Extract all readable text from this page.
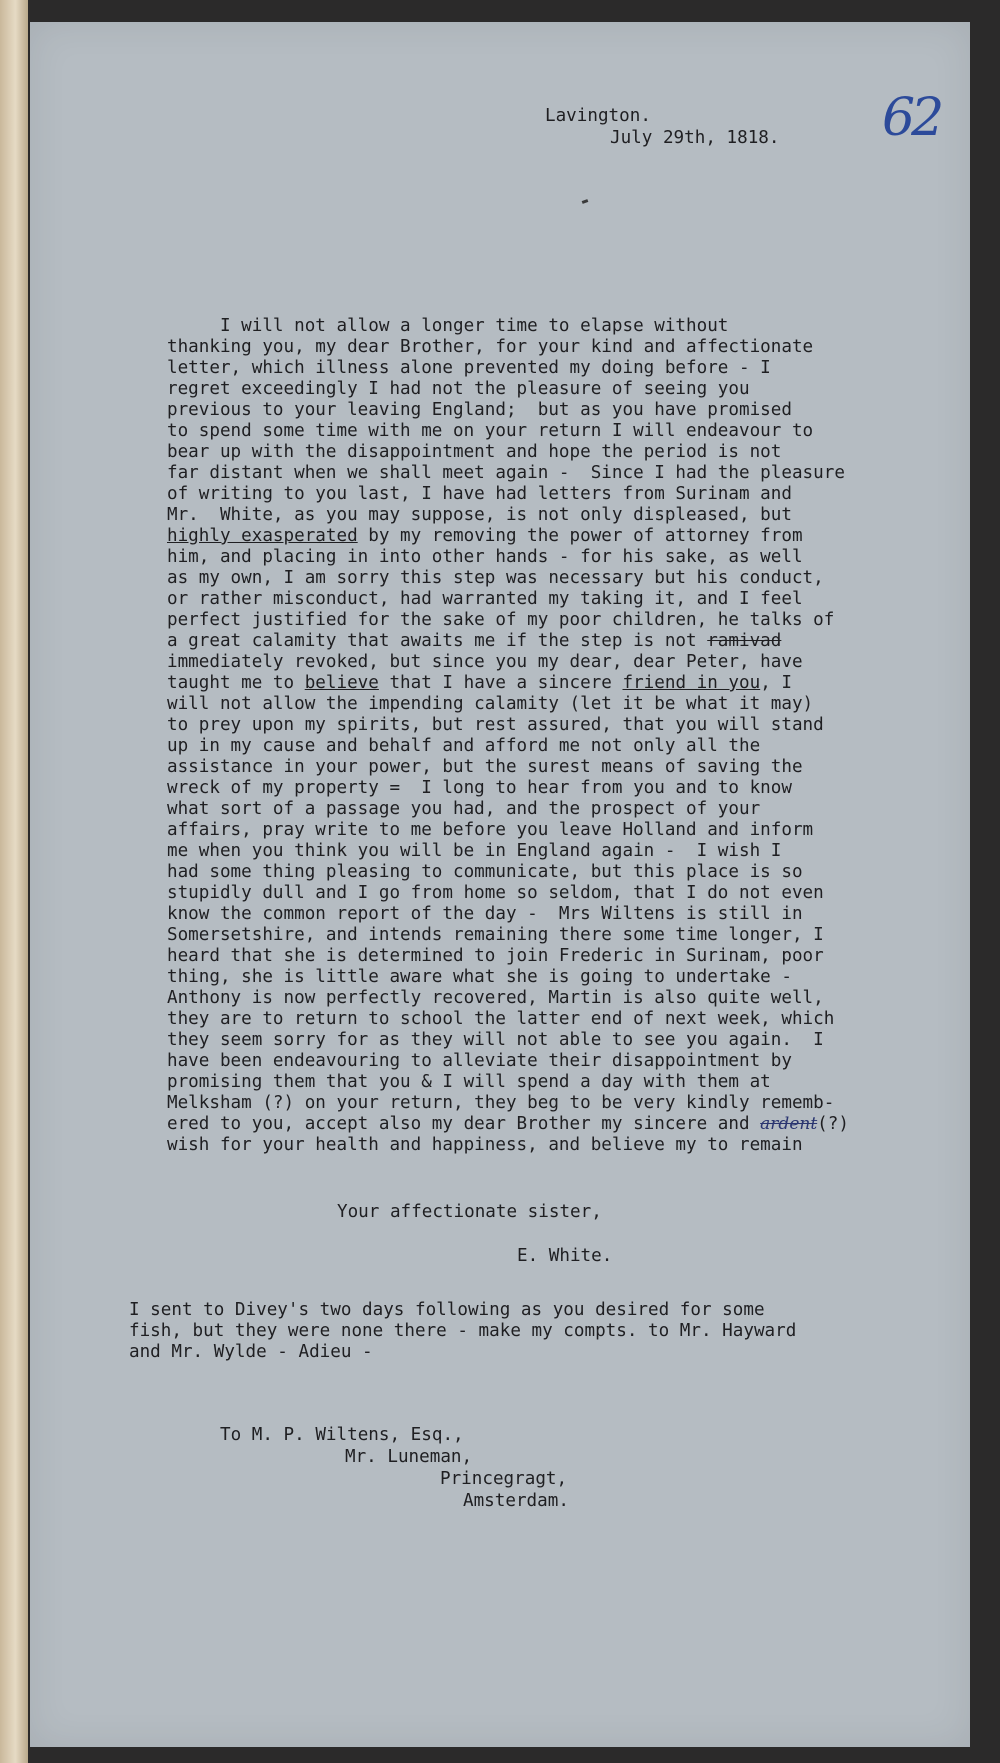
62
Lavington.
July 29th, 1818.

I will not allow a longer time to elapse without
thanking you, my dear Brother, for your kind and affectionate
letter, which illness alone prevented my doing before - I
regret exceedingly I had not the pleasure of seeing you
previous to your leaving England;  but as you have promised
to spend some time with me on your return I will endeavour to
bear up with the disappointment and hope the period is not
far distant when we shall meet again -  Since I had the pleasure
of writing to you last, I have had letters from Surinam and
Mr.  White, as you may suppose, is not only displeased, but
highly exasperated by my removing the power of attorney from
him, and placing in into other hands - for his sake, as well
as my own, I am sorry this step was necessary but his conduct,
or rather misconduct, had warranted my taking it, and I feel
perfect justified for the sake of my poor children, he talks of
a great calamity that awaits me if the step is not ramivad
immediately revoked, but since you my dear, dear Peter, have
taught me to believe that I have a sincere friend in you, I
will not allow the impending calamity (let it be what it may)
to prey upon my spirits, but rest assured, that you will stand
up in my cause and behalf and afford me not only all the
assistance in your power, but the surest means of saving the
wreck of my property =  I long to hear from you and to know
what sort of a passage you had, and the prospect of your
affairs, pray write to me before you leave Holland and inform
me when you think you will be in England again -  I wish I
had some thing pleasing to communicate, but this place is so
stupidly dull and I go from home so seldom, that I do not even
know the common report of the day -  Mrs Wiltens is still in
Somersetshire, and intends remaining there some time longer, I
heard that she is determined to join Frederic in Surinam, poor
thing, she is little aware what she is going to undertake -
Anthony is now perfectly recovered, Martin is also quite well,
they are to return to school the latter end of next week, which
they seem sorry for as they will not able to see you again.  I
have been endeavouring to alleviate their disappointment by
promising them that you & I will spend a day with them at
Melksham (?) on your return, they beg to be very kindly rememb-
ered to you, accept also my dear Brother my sincere and ardent(?)
wish for your health and happiness, and believe my to remain
Your affectionate sister,
E. White.
I sent to Divey's two days following as you desired for some
fish, but they were none there - make my compts. to Mr. Hayward
and Mr. Wylde - Adieu -
To M. P. Wiltens, Esq.,
Mr. Luneman,
Princegragt,
Amsterdam.
